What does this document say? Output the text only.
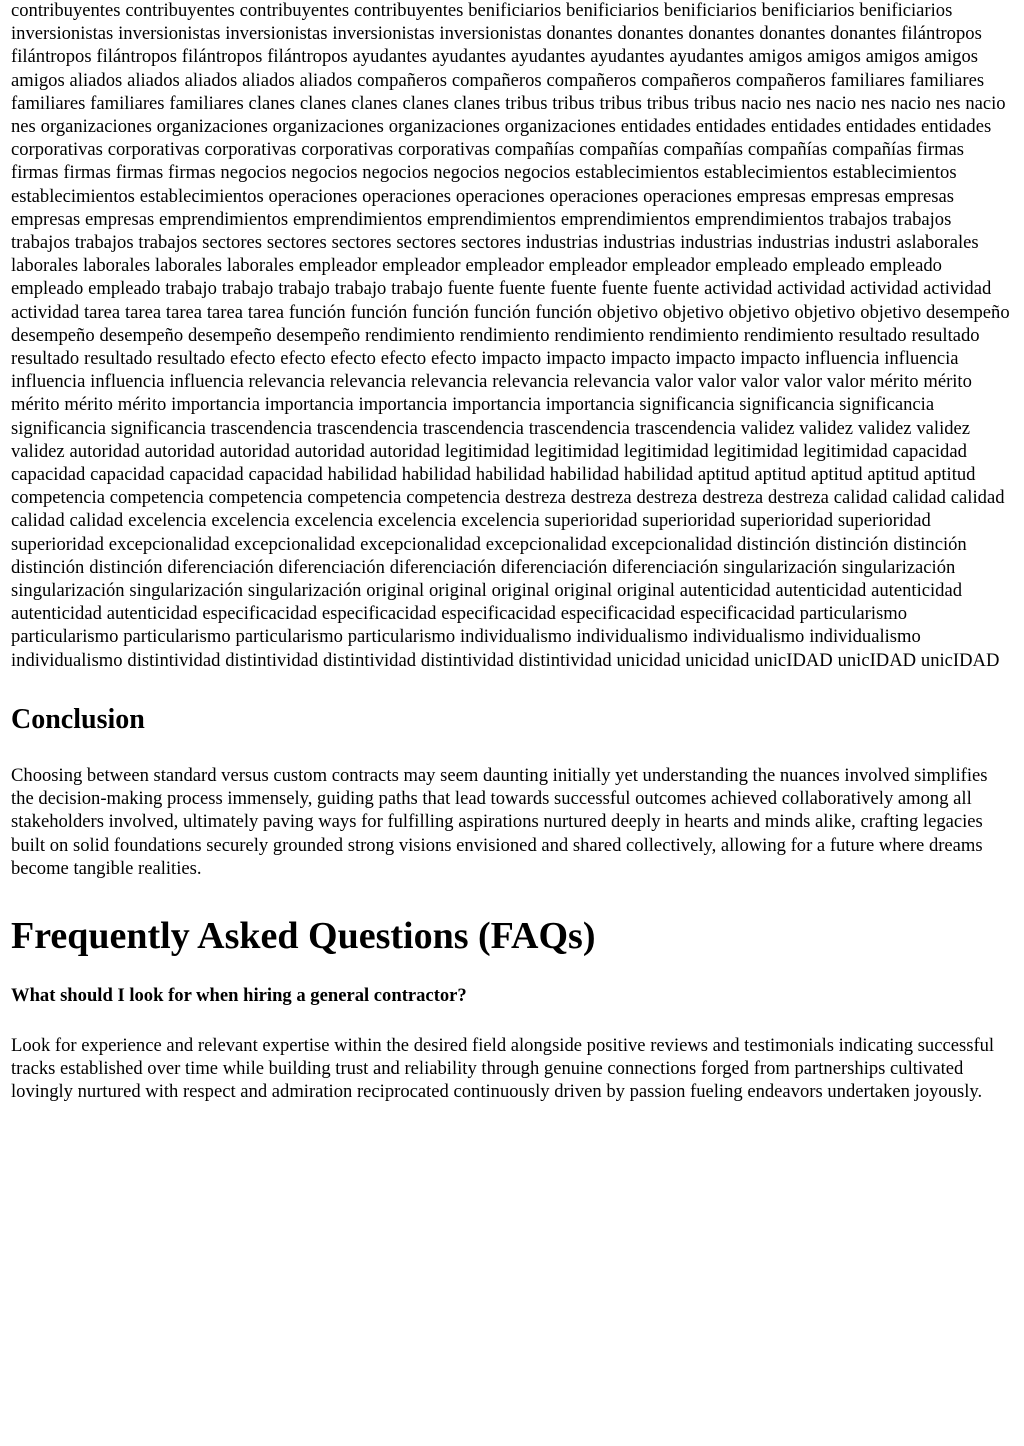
contribuyentes contribuyentes contribuyentes contribuyentes benificiarios benificiarios benificiarios benificiarios benificiarios inversionistas inversionistas inversionistas inversionistas inversionistas donantes donantes donantes donantes donantes filántropos filántropos filántropos filántropos filántropos ayudantes ayudantes ayudantes ayudantes ayudantes amigos amigos amigos amigos amigos aliados aliados aliados aliados aliados compañeros compañeros compañeros compañeros compañeros familiares familiares familiares familiares familiares clanes clanes clanes clanes clanes tribus tribus tribus tribus tribus nacio nes nacio nes nacio nes nacio nes organizaciones organizaciones organizaciones organizaciones organizaciones entidades entidades entidades entidades entidades corporativas corporativas corporativas corporativas corporativas compañías compañías compañías compañías compañías firmas firmas firmas firmas firmas negocios negocios negocios negocios negocios establecimientos establecimientos establecimientos establecimientos establecimientos operaciones operaciones operaciones operaciones operaciones empresas empresas empresas empresas empresas emprendimientos emprendimientos emprendimientos emprendimientos emprendimientos trabajos trabajos trabajos trabajos trabajos sectores sectores sectores sectores sectores industrias industrias industrias industrias industri aslaborales laborales laborales laborales laborales empleador empleador empleador empleador empleador empleado empleado empleado empleado empleado trabajo trabajo trabajo trabajo trabajo fuente fuente fuente fuente fuente actividad actividad actividad actividad actividad tarea tarea tarea tarea tarea función función función función función objetivo objetivo objetivo objetivo objetivo desempeño desempeño desempeño desempeño desempeño rendimiento rendimiento rendimiento rendimiento rendimiento resultado resultado resultado resultado resultado efecto efecto efecto efecto efecto impacto impacto impacto impacto impacto influencia influencia influencia influencia influencia relevancia relevancia relevancia relevancia relevancia valor valor valor valor valor mérito mérito mérito mérito mérito importancia importancia importancia importancia importancia significancia significancia significancia significancia significancia trascendencia trascendencia trascendencia trascendencia trascendencia validez validez validez validez validez autoridad autoridad autoridad autoridad autoridad legitimidad legitimidad legitimidad legitimidad legitimidad capacidad capacidad capacidad capacidad capacidad habilidad habilidad habilidad habilidad habilidad aptitud aptitud aptitud aptitud aptitud competencia competencia competencia competencia competencia destreza destreza destreza destreza destreza calidad calidad calidad calidad calidad excelencia excelencia excelencia excelencia excelencia superioridad superioridad superioridad superioridad superioridad excepcionalidad excepcionalidad excepcionalidad excepcionalidad excepcionalidad distinción distinción distinción distinción distinción diferenciación diferenciación diferenciación diferenciación diferenciación singularización singularización singularización singularización singularización original original original original original autenticidad autenticidad autenticidad autenticidad autenticidad especificacidad especificacidad especificacidad especificacidad especificacidad particularismo particularismo particularismo particularismo particularismo individualismo individualismo individualismo individualismo individualismo distintividad distintividad distintividad distintividad distintividad unicidad unicidad unicIDAD unicIDAD unicIDAD

Conclusion

Choosing between standard versus custom contracts may seem daunting initially yet understanding the nuances involved simplifies the decision-making process immensely, guiding paths that lead towards successful outcomes achieved collaboratively among all stakeholders involved, ultimately paving ways for fulfilling aspirations nurtured deeply in hearts and minds alike, crafting legacies built on solid foundations securely grounded strong visions envisioned and shared collectively, allowing for a future where dreams become tangible realities.

Frequently Asked Questions (FAQs)
What should I look for when hiring a general contractor?

Look for experience and relevant expertise within the desired field alongside positive reviews and testimonials indicating successful tracks established over time while building trust and reliability through genuine connections forged from partnerships cultivated lovingly nurtured with respect and admiration reciprocated continuously driven by passion fueling endeavors undertaken joyously.
